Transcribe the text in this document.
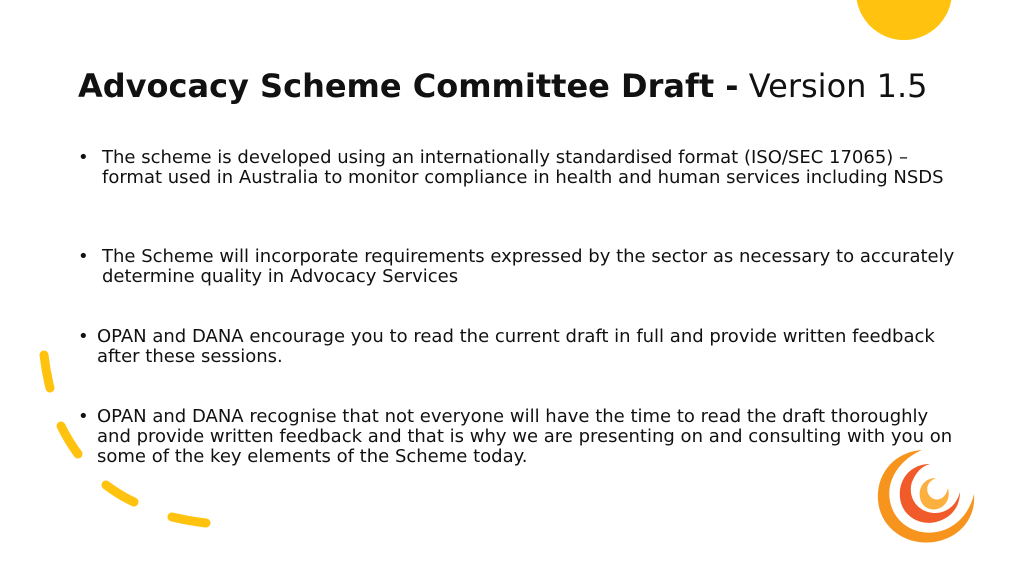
Advocacy Scheme Committee Draft - Version 1.5
• The scheme is developed using an internationally standardised format (ISO/SEC 17065) – format used in Australia to monitor compliance in health and human services including NSDS
• The Scheme will incorporate requirements expressed by the sector as necessary to accurately determine quality in Advocacy Services
• OPAN and DANA encourage you to read the current draft in full and provide written feedback after these sessions.
• OPAN and DANA recognise that not everyone will have the time to read the draft thoroughly and provide written feedback and that is why we are presenting on and consulting with you on some of the key elements of the Scheme today.
